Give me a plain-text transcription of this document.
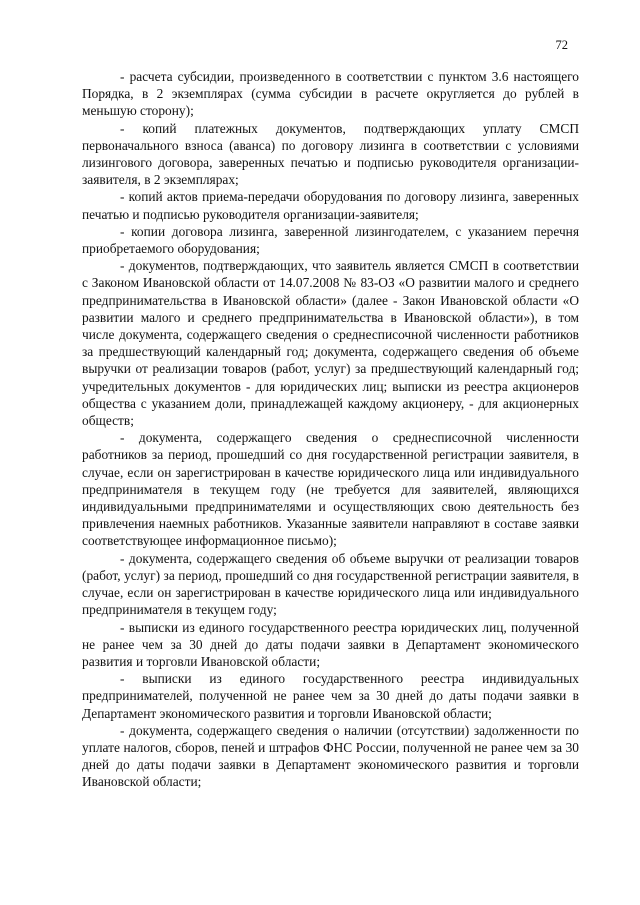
72

- расчета субсидии, произведенного в соответствии с пунктом 3.6 настоящего Порядка, в 2 экземплярах (сумма субсидии в расчете округляется до рублей в меньшую сторону);

- копий платежных документов, подтверждающих уплату СМСП первоначального взноса (аванса) по договору лизинга в соответствии с условиями лизингового договора, заверенных печатью и подписью руководителя организации-заявителя, в 2 экземплярах;

- копий актов приема-передачи оборудования по договору лизинга, заверенных печатью и подписью руководителя организации-заявителя;

- копии договора лизинга, заверенной лизингодателем, с указанием перечня приобретаемого оборудования;

- документов, подтверждающих, что заявитель является СМСП в соответствии с Законом Ивановской области от 14.07.2008 № 83-ОЗ «О развитии малого и среднего предпринимательства в Ивановской области» (далее - Закон Ивановской области «О развитии малого и среднего предпринимательства в Ивановской области»), в том числе документа, содержащего сведения о среднесписочной численности работников за предшествующий календарный год; документа, содержащего сведения об объеме выручки от реализации товаров (работ, услуг) за предшествующий календарный год; учредительных документов - для юридических лиц; выписки из реестра акционеров общества с указанием доли, принадлежащей каждому акционеру, - для акционерных обществ;

- документа, содержащего сведения о среднесписочной численности работников за период, прошедший со дня государственной регистрации заявителя, в случае, если он зарегистрирован в качестве юридического лица или индивидуального предпринимателя в текущем году (не требуется для заявителей, являющихся индивидуальными предпринимателями и осуществляющих свою деятельность без привлечения наемных работников. Указанные заявители направляют в составе заявки соответствующее информационное письмо);

- документа, содержащего сведения об объеме выручки от реализации товаров (работ, услуг) за период, прошедший со дня государственной регистрации заявителя, в случае, если он зарегистрирован в качестве юридического лица или индивидуального предпринимателя в текущем году;

- выписки из единого государственного реестра юридических лиц, полученной не ранее чем за 30 дней до даты подачи заявки в Департамент экономического развития и торговли Ивановской области;

- выписки из единого государственного реестра индивидуальных предпринимателей, полученной не ранее чем за 30 дней до даты подачи заявки в Департамент экономического развития и торговли Ивановской области;

- документа, содержащего сведения о наличии (отсутствии) задолженности по уплате налогов, сборов, пеней и штрафов ФНС России, полученной не ранее чем за 30 дней до даты подачи заявки в Департамент экономического развития и торговли Ивановской области;
